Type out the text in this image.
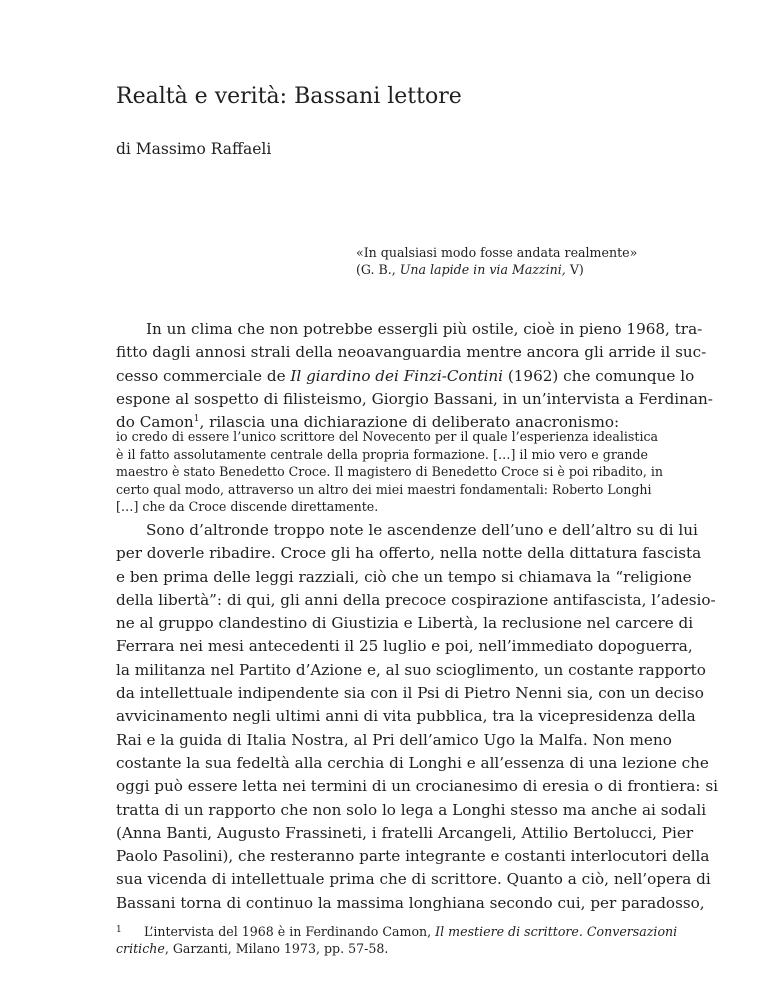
Realtà e verità: Bassani lettore

di Massimo Raffaeli

«In qualsiasi modo fosse andata realmente»
(G. B., Una lapide in via Mazzini, V)
In un clima che non potrebbe essergli più ostile, cioè in pieno 1968, tra-
fitto dagli annosi strali della neoavanguardia mentre ancora gli arride il suc-
cesso commerciale de Il giardino dei Finzi-Contini (1962) che comunque lo
espone al sospetto di filisteismo, Giorgio Bassani, in un’intervista a Ferdinan-
do Camon$^1$, rilascia una dichiarazione di deliberato anacronismo:
io credo di essere l’unico scrittore del Novecento per il quale l’esperienza idealistica
è il fatto assolutamente centrale della propria formazione. […] il mio vero e grande
maestro è stato Benedetto Croce. Il magistero di Benedetto Croce si è poi ribadito, in
certo qual modo, attraverso un altro dei miei maestri fondamentali: Roberto Longhi
[…] che da Croce discende direttamente.
Sono d’altronde troppo note le ascendenze dell’uno e dell’altro su di lui
per doverle ribadire. Croce gli ha offerto, nella notte della dittatura fascista
e ben prima delle leggi razziali, ciò che un tempo si chiamava la “religione
della libertà”: di qui, gli anni della precoce cospirazione antifascista, l’adesio-
ne al gruppo clandestino di Giustizia e Libertà, la reclusione nel carcere di
Ferrara nei mesi antecedenti il 25 luglio e poi, nell’immediato dopoguerra,
la militanza nel Partito d’Azione e, al suo scioglimento, un costante rapporto
da intellettuale indipendente sia con il Psi di Pietro Nenni sia, con un deciso
avvicinamento negli ultimi anni di vita pubblica, tra la vicepresidenza della
Rai e la guida di Italia Nostra, al Pri dell’amico Ugo la Malfa. Non meno
costante la sua fedeltà alla cerchia di Longhi e all’essenza di una lezione che
oggi può essere letta nei termini di un crocianesimo di eresia o di frontiera: si
tratta di un rapporto che non solo lo lega a Longhi stesso ma anche ai sodali
(Anna Banti, Augusto Frassineti, i fratelli Arcangeli, Attilio Bertolucci, Pier
Paolo Pasolini), che resteranno parte integrante e costanti interlocutori della
sua vicenda di intellettuale prima che di scrittore. Quanto a ciò, nell’opera di
Bassani torna di continuo la massima longhiana secondo cui, per paradosso,
1 L’intervista del 1968 è in Ferdinando Camon, Il mestiere di scrittore. Conversazioni
critiche, Garzanti, Milano 1973, pp. 57-58.
